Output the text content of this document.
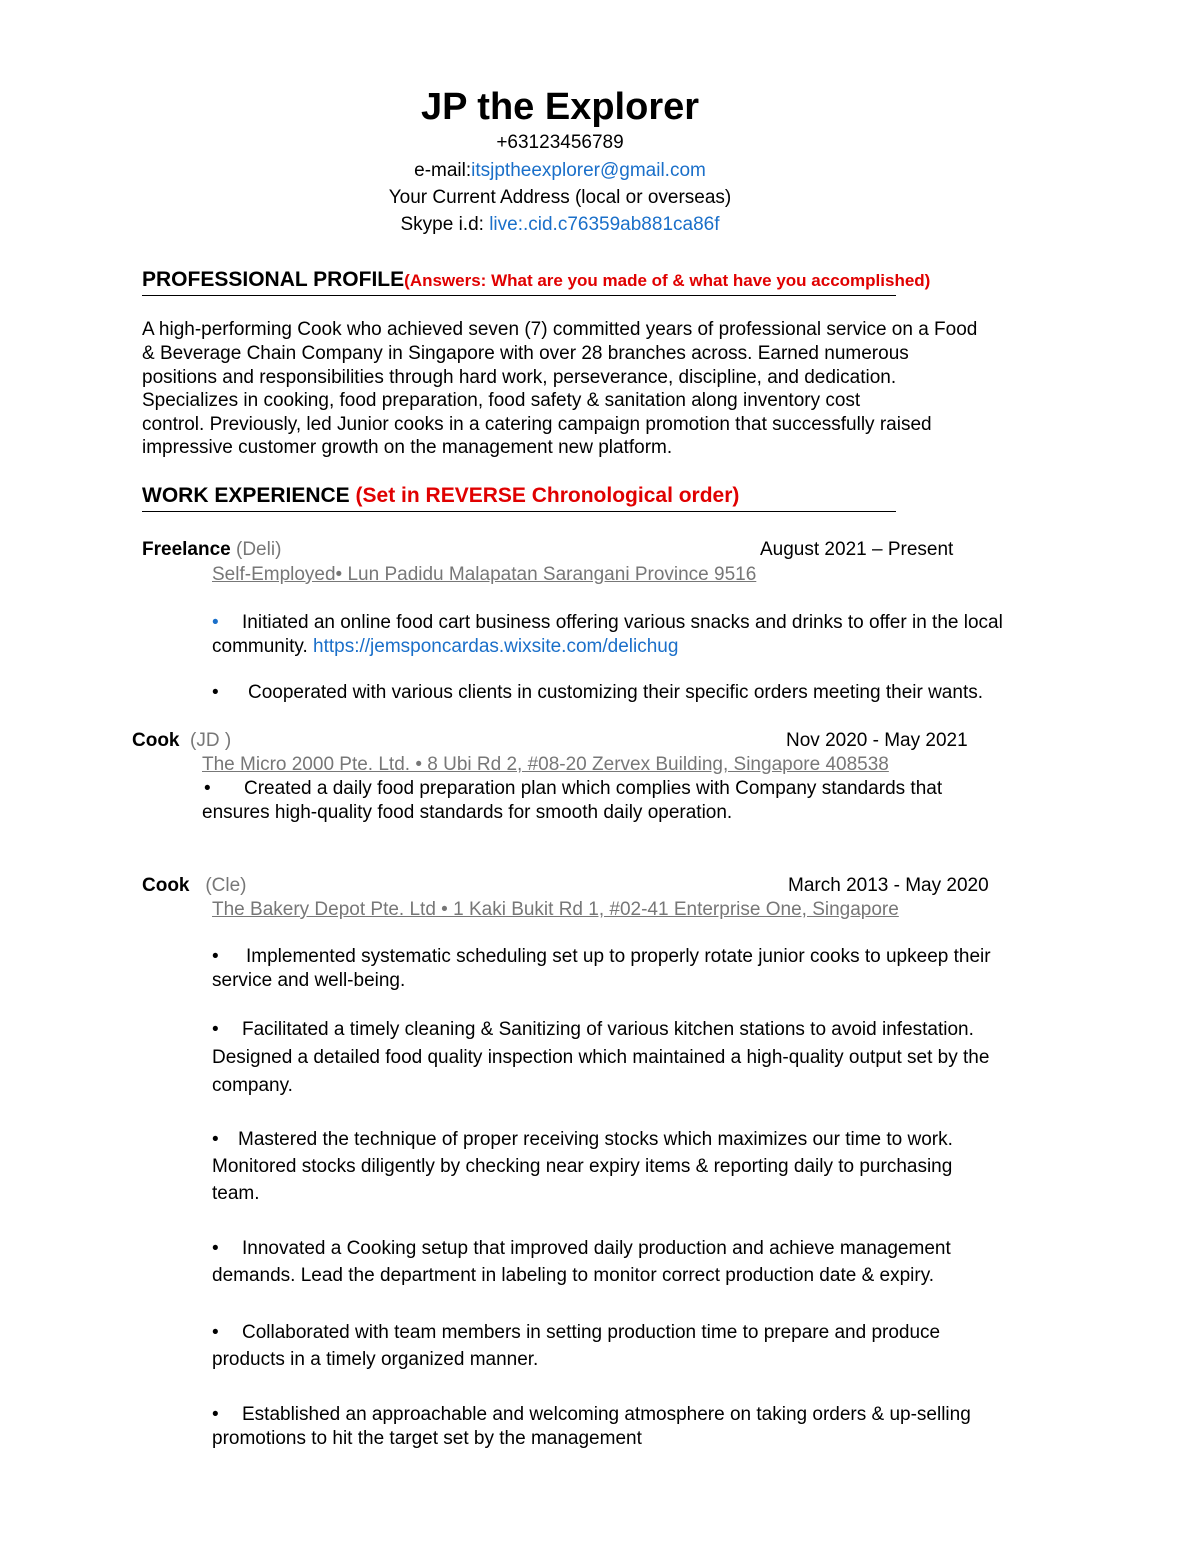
JP the Explorer
+63123456789
e-mail:itsjptheexplorer@gmail.com
Your Current Address (local or overseas)
Skype i.d: live:.cid.c76359ab881ca86f
PROFESSIONAL PROFILE(Answers: What are you made of & what have you accomplished)
A high-performing Cook who achieved seven (7) committed years of professional service on a Food
& Beverage Chain Company in Singapore with over 28 branches across. Earned numerous
positions and responsibilities through hard work, perseverance, discipline, and dedication.
Specializes in cooking, food preparation, food safety & sanitation along inventory cost
control. Previously, led Junior cooks in a catering campaign promotion that successfully raised
impressive customer growth on the management new platform.
WORK EXPERIENCE (Set in REVERSE Chronological order)
Freelance (Deli)	August 2021 – Present
Self-Employed• Lun Padidu Malapatan Sarangani Province 9516
• Initiated an online food cart business offering various snacks and drinks to offer in the local
community. https://jemsponcardas.wixsite.com/delichug
• Cooperated with various clients in customizing their specific orders meeting their wants.
Cook  (JD )	Nov 2020 - May 2021
The Micro 2000 Pte. Ltd. • 8 Ubi Rd 2, #08-20 Zervex Building, Singapore 408538
• Created a daily food preparation plan which complies with Company standards that
ensures high-quality food standards for smooth daily operation.
Cook   (Cle)	March 2013 - May 2020
The Bakery Depot Pte. Ltd • 1 Kaki Bukit Rd 1, #02-41 Enterprise One, Singapore
• Implemented systematic scheduling set up to properly rotate junior cooks to upkeep their
service and well-being.
• Facilitated a timely cleaning & Sanitizing of various kitchen stations to avoid infestation.
Designed a detailed food quality inspection which maintained a high-quality output set by the
company.
• Mastered the technique of proper receiving stocks which maximizes our time to work.
Monitored stocks diligently by checking near expiry items & reporting daily to purchasing
team.
• Innovated a Cooking setup that improved daily production and achieve management
demands. Lead the department in labeling to monitor correct production date & expiry.
• Collaborated with team members in setting production time to prepare and produce
products in a timely organized manner.
• Established an approachable and welcoming atmosphere on taking orders & up-selling
promotions to hit the target set by the management
